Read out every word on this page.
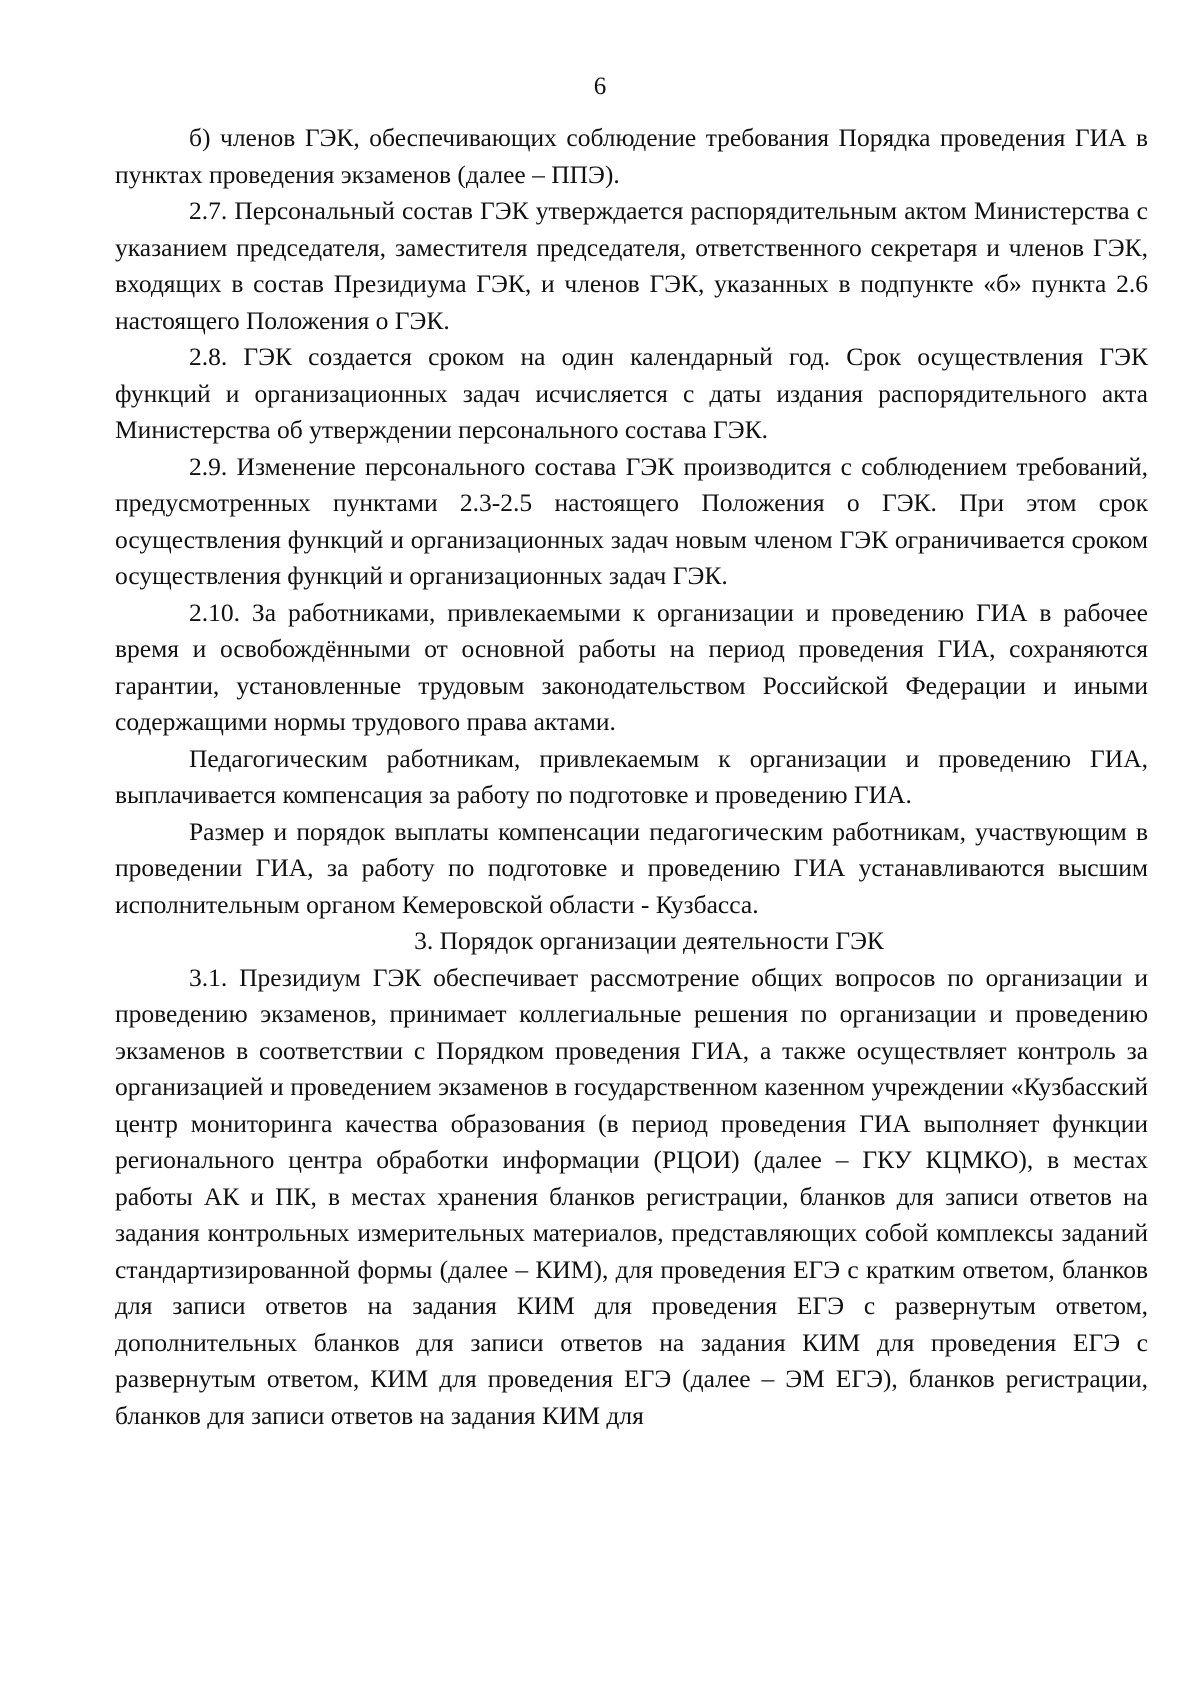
6

б) членов ГЭК, обеспечивающих соблюдение требования Порядка проведения ГИА в пунктах проведения экзаменов (далее – ППЭ).

2.7. Персональный состав ГЭК утверждается распорядительным актом Министерства с указанием председателя, заместителя председателя, ответственного секретаря и членов ГЭК, входящих в состав Президиума ГЭК, и членов ГЭК, указанных в подпункте «б» пункта 2.6 настоящего Положения о ГЭК.

2.8. ГЭК создается сроком на один календарный год. Срок осуществления ГЭК функций и организационных задач исчисляется с даты издания распорядительного акта Министерства об утверждении персонального состава ГЭК.

2.9. Изменение персонального состава ГЭК производится с соблюдением требований, предусмотренных пунктами 2.3-2.5 настоящего Положения о ГЭК. При этом срок осуществления функций и организационных задач новым членом ГЭК ограничивается сроком осуществления функций и организационных задач ГЭК.

2.10. За работниками, привлекаемыми к организации и проведению ГИА в рабочее время и освобождёнными от основной работы на период проведения ГИА, сохраняются гарантии, установленные трудовым законодательством Российской Федерации и иными содержащими нормы трудового права актами.

Педагогическим работникам, привлекаемым к организации и проведению ГИА, выплачивается компенсация за работу по подготовке и проведению ГИА.

Размер и порядок выплаты компенсации педагогическим работникам, участвующим в проведении ГИА, за работу по подготовке и проведению ГИА устанавливаются высшим исполнительным органом Кемеровской области - Кузбасса.

3. Порядок организации деятельности ГЭК

3.1. Президиум ГЭК обеспечивает рассмотрение общих вопросов по организации и проведению экзаменов, принимает коллегиальные решения по организации и проведению экзаменов в соответствии с Порядком проведения ГИА, а также осуществляет контроль за организацией и проведением экзаменов в государственном казенном учреждении «Кузбасский центр мониторинга качества образования (в период проведения ГИА выполняет функции регионального центра обработки информации (РЦОИ) (далее – ГКУ КЦМКО), в местах работы АК и ПК, в местах хранения бланков регистрации, бланков для записи ответов на задания контрольных измерительных материалов, представляющих собой комплексы заданий стандартизированной формы (далее – КИМ), для проведения ЕГЭ с кратким ответом, бланков для записи ответов на задания КИМ для проведения ЕГЭ с развернутым ответом, дополнительных бланков для записи ответов на задания КИМ для проведения ЕГЭ с развернутым ответом, КИМ для проведения ЕГЭ (далее – ЭМ ЕГЭ), бланков регистрации, бланков для записи ответов на задания КИМ для
